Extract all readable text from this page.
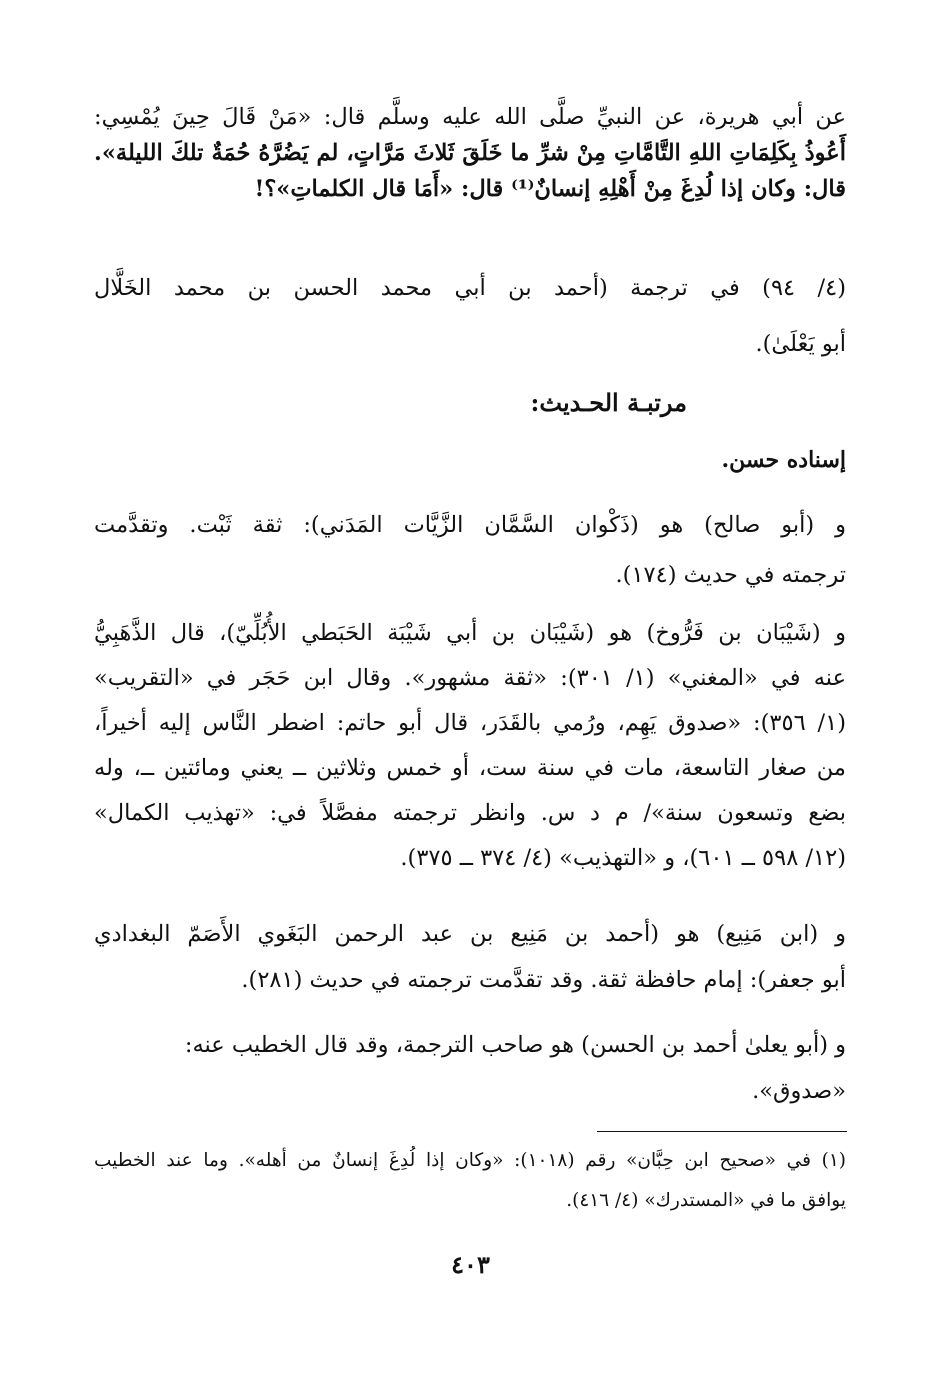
عن أبي هريرة، عن النبيِّ صلَّى الله عليه وسلَّم قال: «مَنْ قَالَ حِينَ يُمْسِي:

أَعُوذُ بِكَلِمَاتِ اللهِ التَّامَّاتِ مِنْ شرِّ ما خَلَقَ ثَلاثَ مَرَّاتٍ، لم يَضُرَّهُ حُمَةٌ تلكَ الليلة».

قال: وكان إذا لُدِغَ مِنْ أَهْلِهِ إنسانٌ⁽¹⁾ قال: «أَمَا قال الكلماتِ»؟!

(٤/ ٩٤) في ترجمة (أحمد بن أبي محمد الحسن بن محمد الخَلَّال

أبو يَعْلَىٰ).

مرتبـة الحـديث:

إسناده حسن.

و (أبو صالح) هو (ذَكْوان السَّمَّان الزَّيَّات المَدَني): ثقة ثَبْت. وتقدَّمت

ترجمته في حديث (١٧٤).

و (شَيْبَان بن فَرُّوخ) هو (شَيْبَان بن أبي شَيْبَة الحَبَطي الأُبُلِّيّ)، قال الذَّهَبِيُّ

عنه في «المغني» (١/ ٣٠١): «ثقة مشهور». وقال ابن حَجَر في «التقريب»

(١/ ٣٥٦): «صدوق يَهِم، ورُمي بالقَدَر، قال أبو حاتم: اضطر النَّاس إليه أخيراً،

من صغار التاسعة، مات في سنة ست، أو خمس وثلاثين ــ يعني ومائتين ــ، وله

بضع وتسعون سنة»/ م د س. وانظر ترجمته مفصَّلاً في: «تهذيب الكمال»

(١٢/ ٥٩٨ ــ ٦٠١)، و «التهذيب» (٤/ ٣٧٤ ــ ٣٧٥).

و (ابن مَنِيع) هو (أحمد بن مَنِيع بن عبد الرحمن البَغَوي الأَصَمّ البغدادي

أبو جعفر): إمام حافظة ثقة. وقد تقدَّمت ترجمته في حديث (٢٨١).

و (أبو يعلىٰ أحمد بن الحسن) هو صاحب الترجمة، وقد قال الخطيب عنه:

«صدوق».

(١) في «صحيح ابن حِبَّان» رقم (١٠١٨): «وكان إذا لُدِغَ إنسانٌ من أهله». وما عند الخطيب

يوافق ما في «المستدرك» (٤/ ٤١٦).

٤٠٣
